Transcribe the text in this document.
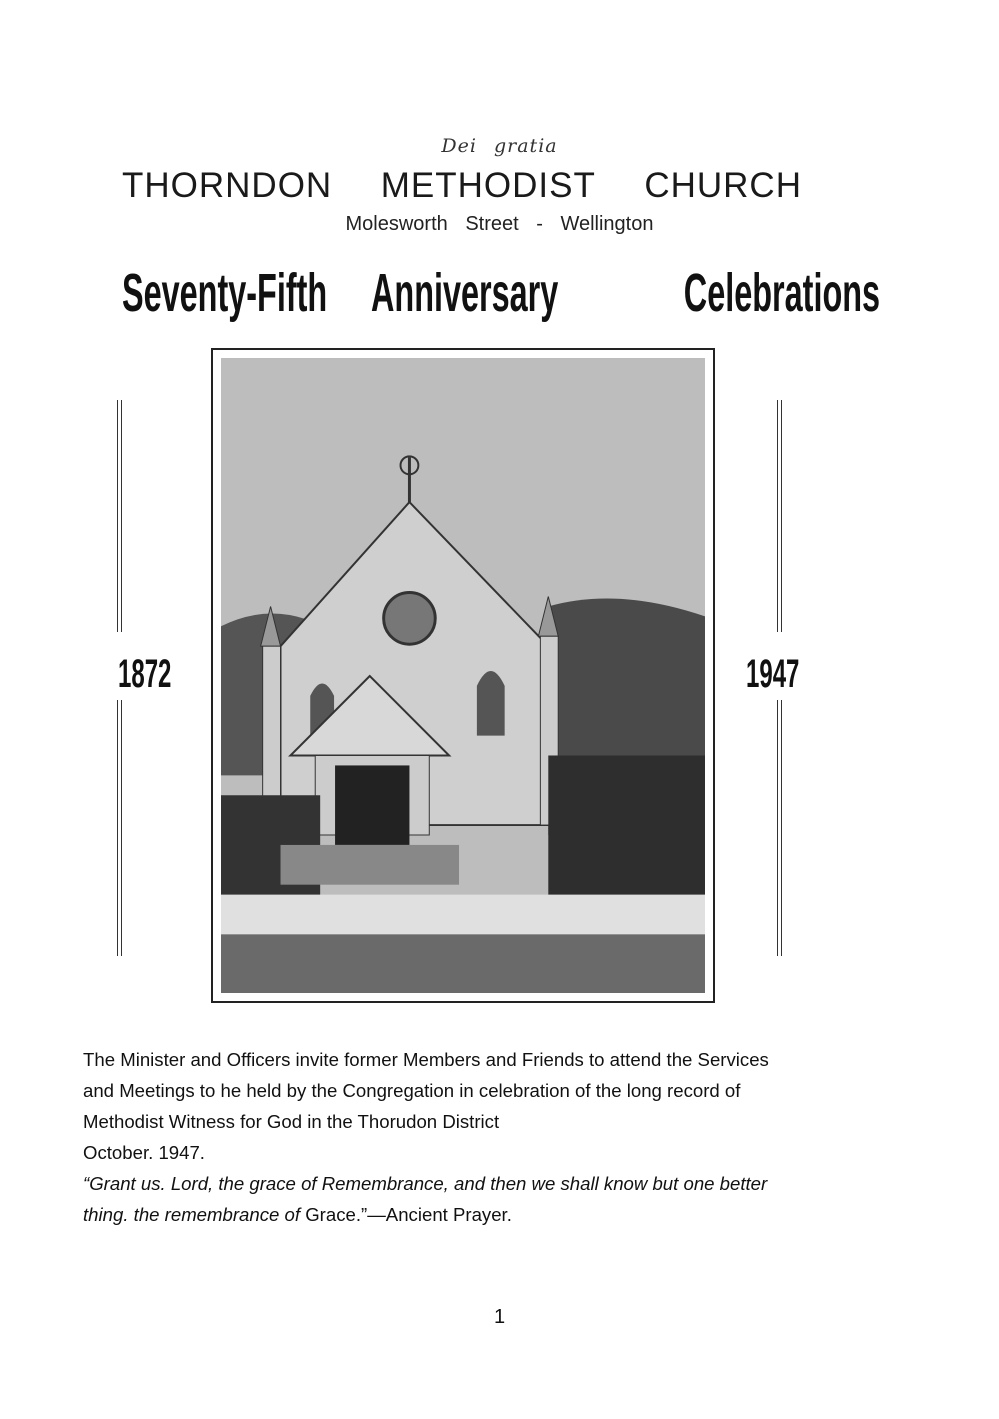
Dei gratia
THORNDON METHODIST CHURCH
Molesworth Street - Wellington
Seventy-Fifth Anniversary Celebrations
1872	1947
The Minister and Officers invite former Members and Friends to attend the Services
and Meetings to he held by the Congregation in celebration of the long record of
Methodist Witness for God in the Thorudon District
October. 1947.
“Grant us. Lord, the grace of Remembrance, and then we shall know but one better
thing. the remembrance of Grace.”—Ancient Prayer.
1
